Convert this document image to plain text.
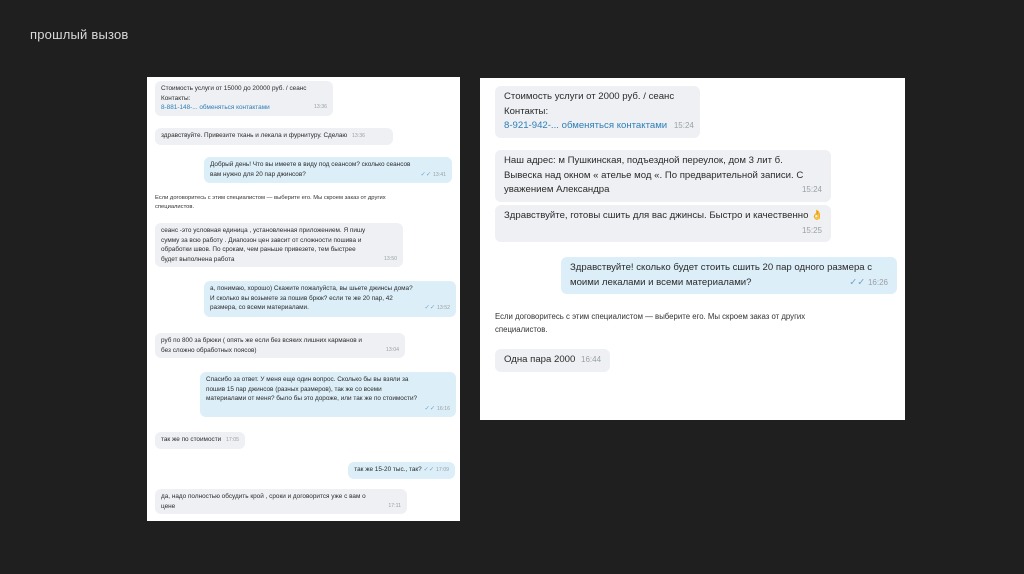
прошлый вызов
Стоимость услуги от 15000 до 20000 руб. / сеанс
Контакты:
8-881-148-... обменяться контактами	13:36
здравствуйте. Привезите ткань и лекала и фурнитуру. Сделаю 13:36
Добрый день! Что вы имеете в виду под сеансом? сколько сеансов
вам нужно для 20 пар джинсов?	✓✓ 13:41
Если договоритесь с этим специалистом — выберите его. Мы скроем заказ от других
специалистов.
сеанс -это условная единица , установленная приложением. Я пишу
сумму за всю работу . Диапозон цен завсит от сложности пошива и
обработки швов. По срокам, чем раньше привезете, тем быстрее
будет выполнена работа	13:50
а, понимаю, хорошо) Скажите пожалуйста, вы шьете джинсы дома?
И сколько вы возьмете за пошив брюк? если те же 20 пар, 42
размера, со всеми материалами.	✓✓ 13:52
руб по 800 за брюки ( опять же если без всяких лишних карманов и
без сложно обработных поясов)	13:04
Спасибо за ответ. У меня еще один вопрос. Сколько бы вы взяли за
пошив 15 пар джинсов (разных размеров), так же со всеми
материалами от меня? было бы это дороже, или так же по стоимости?
✓✓ 16:16
так же по стоимости 17:05
так же 15-20 тыс., так? ✓✓ 17:09
да, надо полностью обсудить крой , сроки и договорится уже с вам о
цене	17:11
Стоимость услуги от 2000 руб. / сеанс
Контакты:
8-921-942-... обменяться контактами 15:24
Наш адрес: м Пушкинская, подъездной переулок, дом 3 лит б.
Вывеска над окном « ателье мод «. По предварительной записи. С
уважением Александра	15:24
Здравствуйте, готовы сшить для вас джинсы. Быстро и качественно 👌
15:25
Здравствуйте! сколько будет стоить сшить 20 пар одного размера с
моими лекалами и всеми материалами?	✓✓ 16:26
Если договоритесь с этим специалистом — выберите его. Мы скроем заказ от других
специалистов.
Одна пара 2000 16:44
